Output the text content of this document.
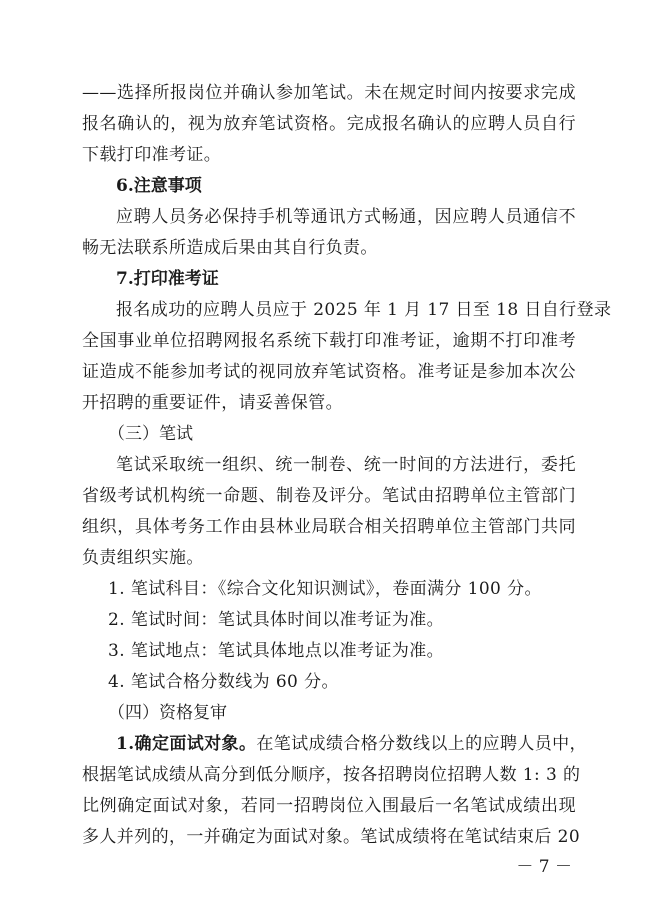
——选择所报岗位并确认参加笔试。未在规定时间内按要求完成
报名确认的，视为放弃笔试资格。完成报名确认的应聘人员自行
下载打印准考证。
6.注意事项
应聘人员务必保持手机等通讯方式畅通，因应聘人员通信不
畅无法联系所造成后果由其自行负责。
7.打印准考证
报名成功的应聘人员应于 2025 年 1 月 17 日至 18 日自行登录
全国事业单位招聘网报名系统下载打印准考证，逾期不打印准考
证造成不能参加考试的视同放弃笔试资格。准考证是参加本次公
开招聘的重要证件，请妥善保管。
（三）笔试
笔试采取统一组织、统一制卷、统一时间的方法进行，委托
省级考试机构统一命题、制卷及评分。笔试由招聘单位主管部门
组织，具体考务工作由县林业局联合相关招聘单位主管部门共同
负责组织实施。
1. 笔试科目：《综合文化知识测试》，卷面满分 100 分。
2. 笔试时间：笔试具体时间以准考证为准。
3. 笔试地点：笔试具体地点以准考证为准。
4. 笔试合格分数线为 60 分。
（四）资格复审
1.确定面试对象。在笔试成绩合格分数线以上的应聘人员中，
根据笔试成绩从高分到低分顺序，按各招聘岗位招聘人数 1: 3 的
比例确定面试对象，若同一招聘岗位入围最后一名笔试成绩出现
多人并列的，一并确定为面试对象。笔试成绩将在笔试结束后 20
－ 7 －
